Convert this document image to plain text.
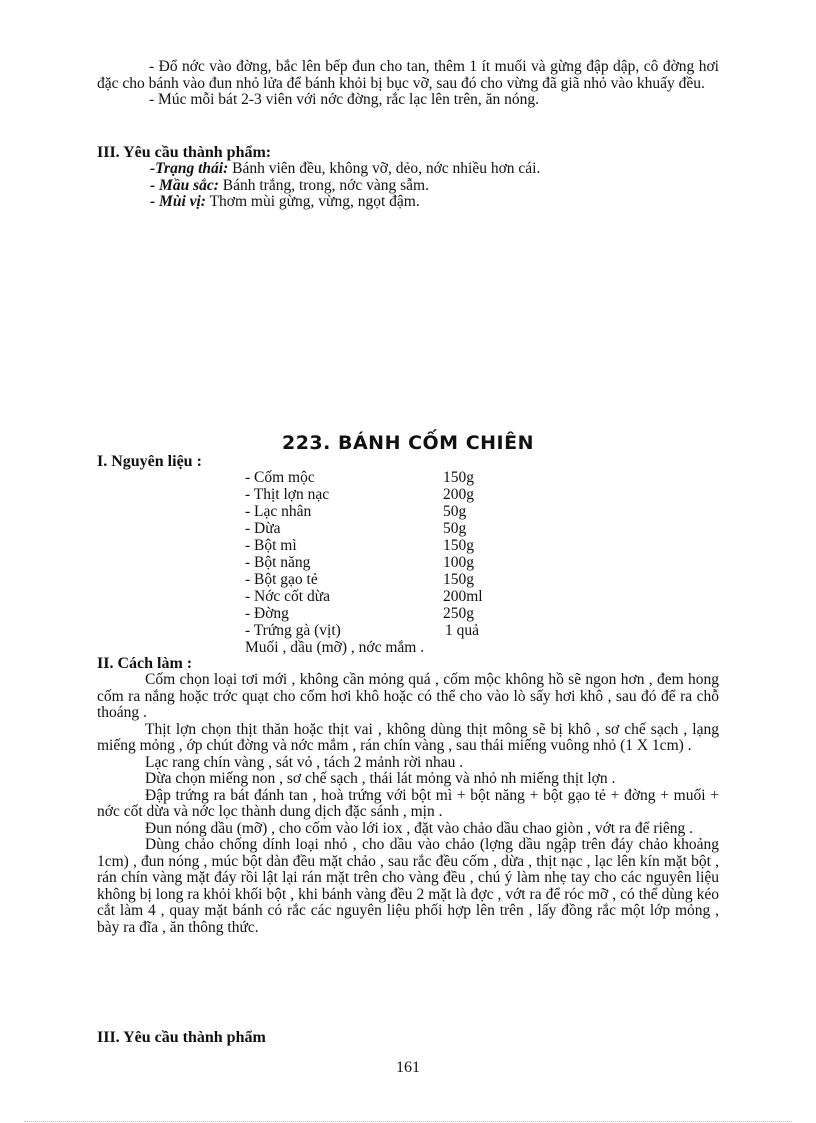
- Đổ nớc vào đờng, bắc lên bếp đun cho tan, thêm 1 ít muối và gừng đập dập, cô đờng hơi đặc cho bánh vào đun nhỏ lửa để bánh khỏi bị bục vỡ, sau đó cho vừng đã giã nhỏ vào khuấy đều.

- Múc mỗi bát 2-3 viên với nớc đờng, rắc lạc lên trên, ăn nóng.

III. Yêu cầu thành phẩm:

-Trạng thái: Bánh viên đều, không vỡ, dẻo, nớc nhiều hơn cái.
- Mầu sắc: Bánh trắng, trong, nớc vàng sẫm.
- Mùi vị: Thơm mùi gừng, vừng, ngọt đậm.
223. BÁNH CỐM CHIÊN

I. Nguyên liệu :

- Cốm mộc	150g
- Thịt lợn nạc	200g
- Lạc nhân	50g
- Dừa	50g
- Bột mì	150g
- Bột năng	100g
- Bột gạo tẻ	150g
- Nớc cốt dừa	200ml
- Đờng	250g
- Trứng gà (vịt)	1 quả
Muối , dầu (mỡ) , nớc mắm .

II. Cách làm :

Cốm chọn loại tơi mới , không cần mỏng quá , cốm mộc không hồ sẽ ngon hơn , đem hong cốm ra nắng hoặc trớc quạt cho cốm hơi khô hoặc có thể cho vào lò sấy hơi khô , sau đó để ra chỗ thoáng .

Thịt lợn chọn thịt thăn hoặc thịt vai , không dùng thịt mông sẽ bị khô , sơ chế sạch , lạng miếng mỏng , ớp chút đờng và nớc mắm , rán chín vàng , sau thái miếng vuông nhỏ (1 X 1cm) .

Lạc rang chín vàng , sát vỏ , tách 2 mảnh rời nhau .

Dừa chọn miếng non , sơ chế sạch , thái lát mỏng và nhỏ nh miếng thịt lợn .

Đập trứng ra bát đánh tan , hoà trứng với bột mì + bột năng + bột gạo tẻ + đờng + muối + nớc cốt dừa và nớc lọc thành dung dịch đặc sánh , mịn .

Đun nóng dầu (mỡ) , cho cốm vào lới iox , đặt vào chảo dầu chao giòn , vớt ra để riêng .

Dùng chảo chống dính loại nhỏ , cho dầu vào chảo (lợng dầu ngập trên đáy chảo khoảng 1cm) , đun nóng , múc bột dàn đều mặt chảo , sau rắc đều cốm , dừa , thịt nạc , lạc lên kín mặt bột , rán chín vàng mặt đáy rồi lật lại rán mặt trên cho vàng đều , chú ý làm nhẹ tay cho các nguyên liệu không bị long ra khỏi khối bột , khi bánh vàng đều 2 mặt là đợc , vớt ra để róc mỡ , có thể dùng kéo cắt làm 4 , quay mặt bánh có rắc các nguyên liệu phối hợp lên trên , lấy đồng rắc một lớp mỏng , bày ra đĩa , ăn thông thức.

III. Yêu cầu thành phẩm

161
